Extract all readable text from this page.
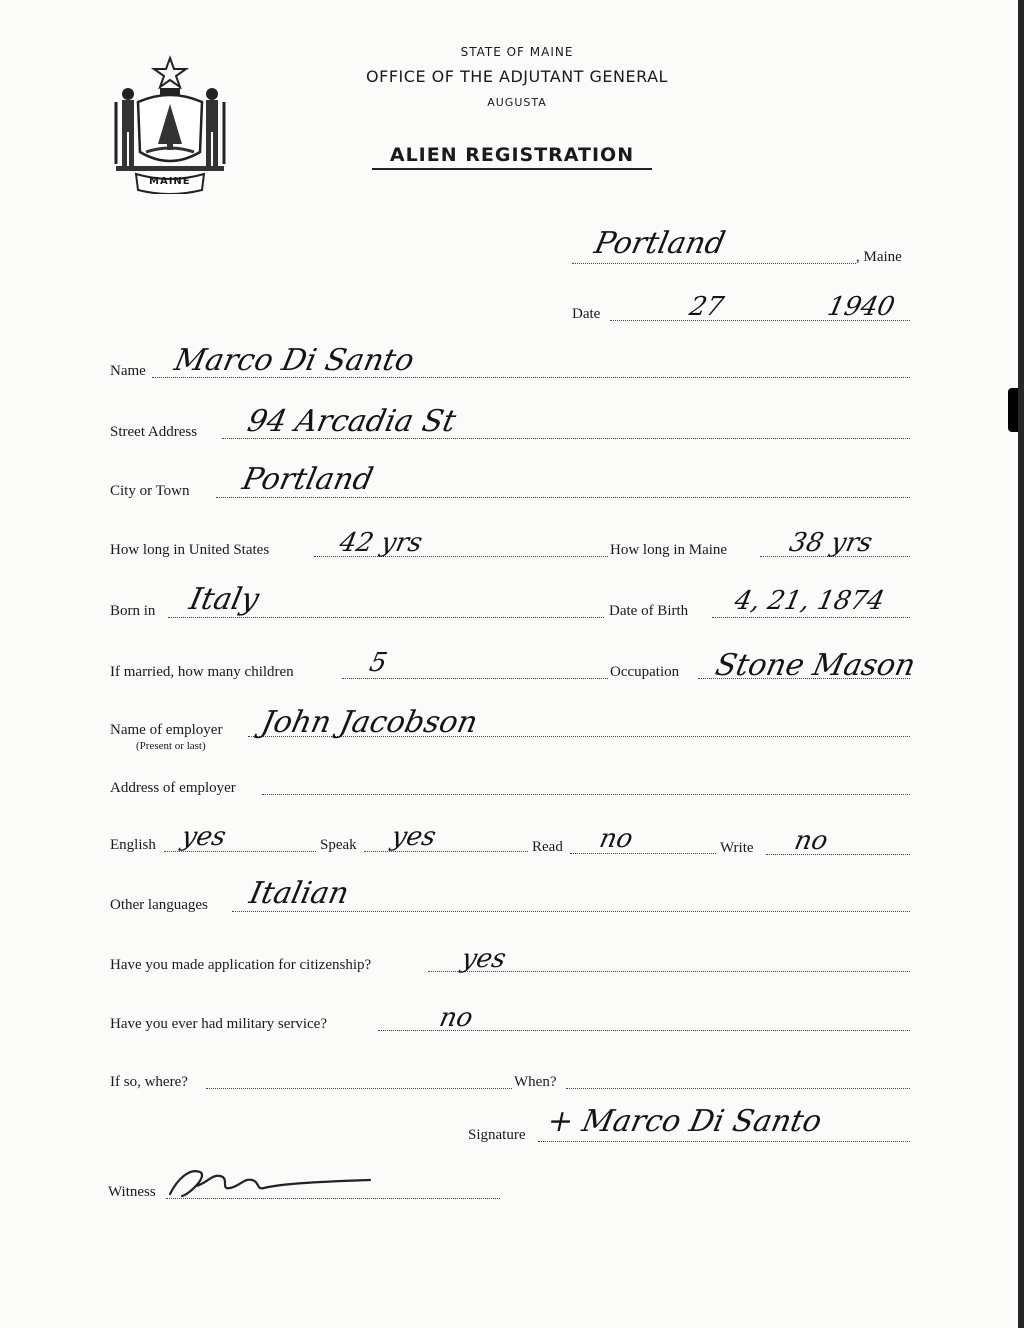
MAINE
STATE OF MAINE
OFFICE OF THE ADJUTANT GENERAL
AUGUSTA
ALIEN REGISTRATION
Portland	, Maine
Date	27	1940
Name Marco Di Santo
Street Address 94 Arcadia St
City or Town Portland
How long in United States	42 yrs	How long in Maine 38 yrs
Born in Italy	Date of Birth 4, 21, 1874
If married, how many children	5	Occupation Stone Mason
Name of employer
(Present or last)
John Jacobson
Address of employer
English yes	Speak yes	Read no	Write no
Other languages Italian
Have you made application for citizenship?	yes
Have you ever had military service?	no
If so, where?	When?
Signature + Marco Di Santo
Witness
